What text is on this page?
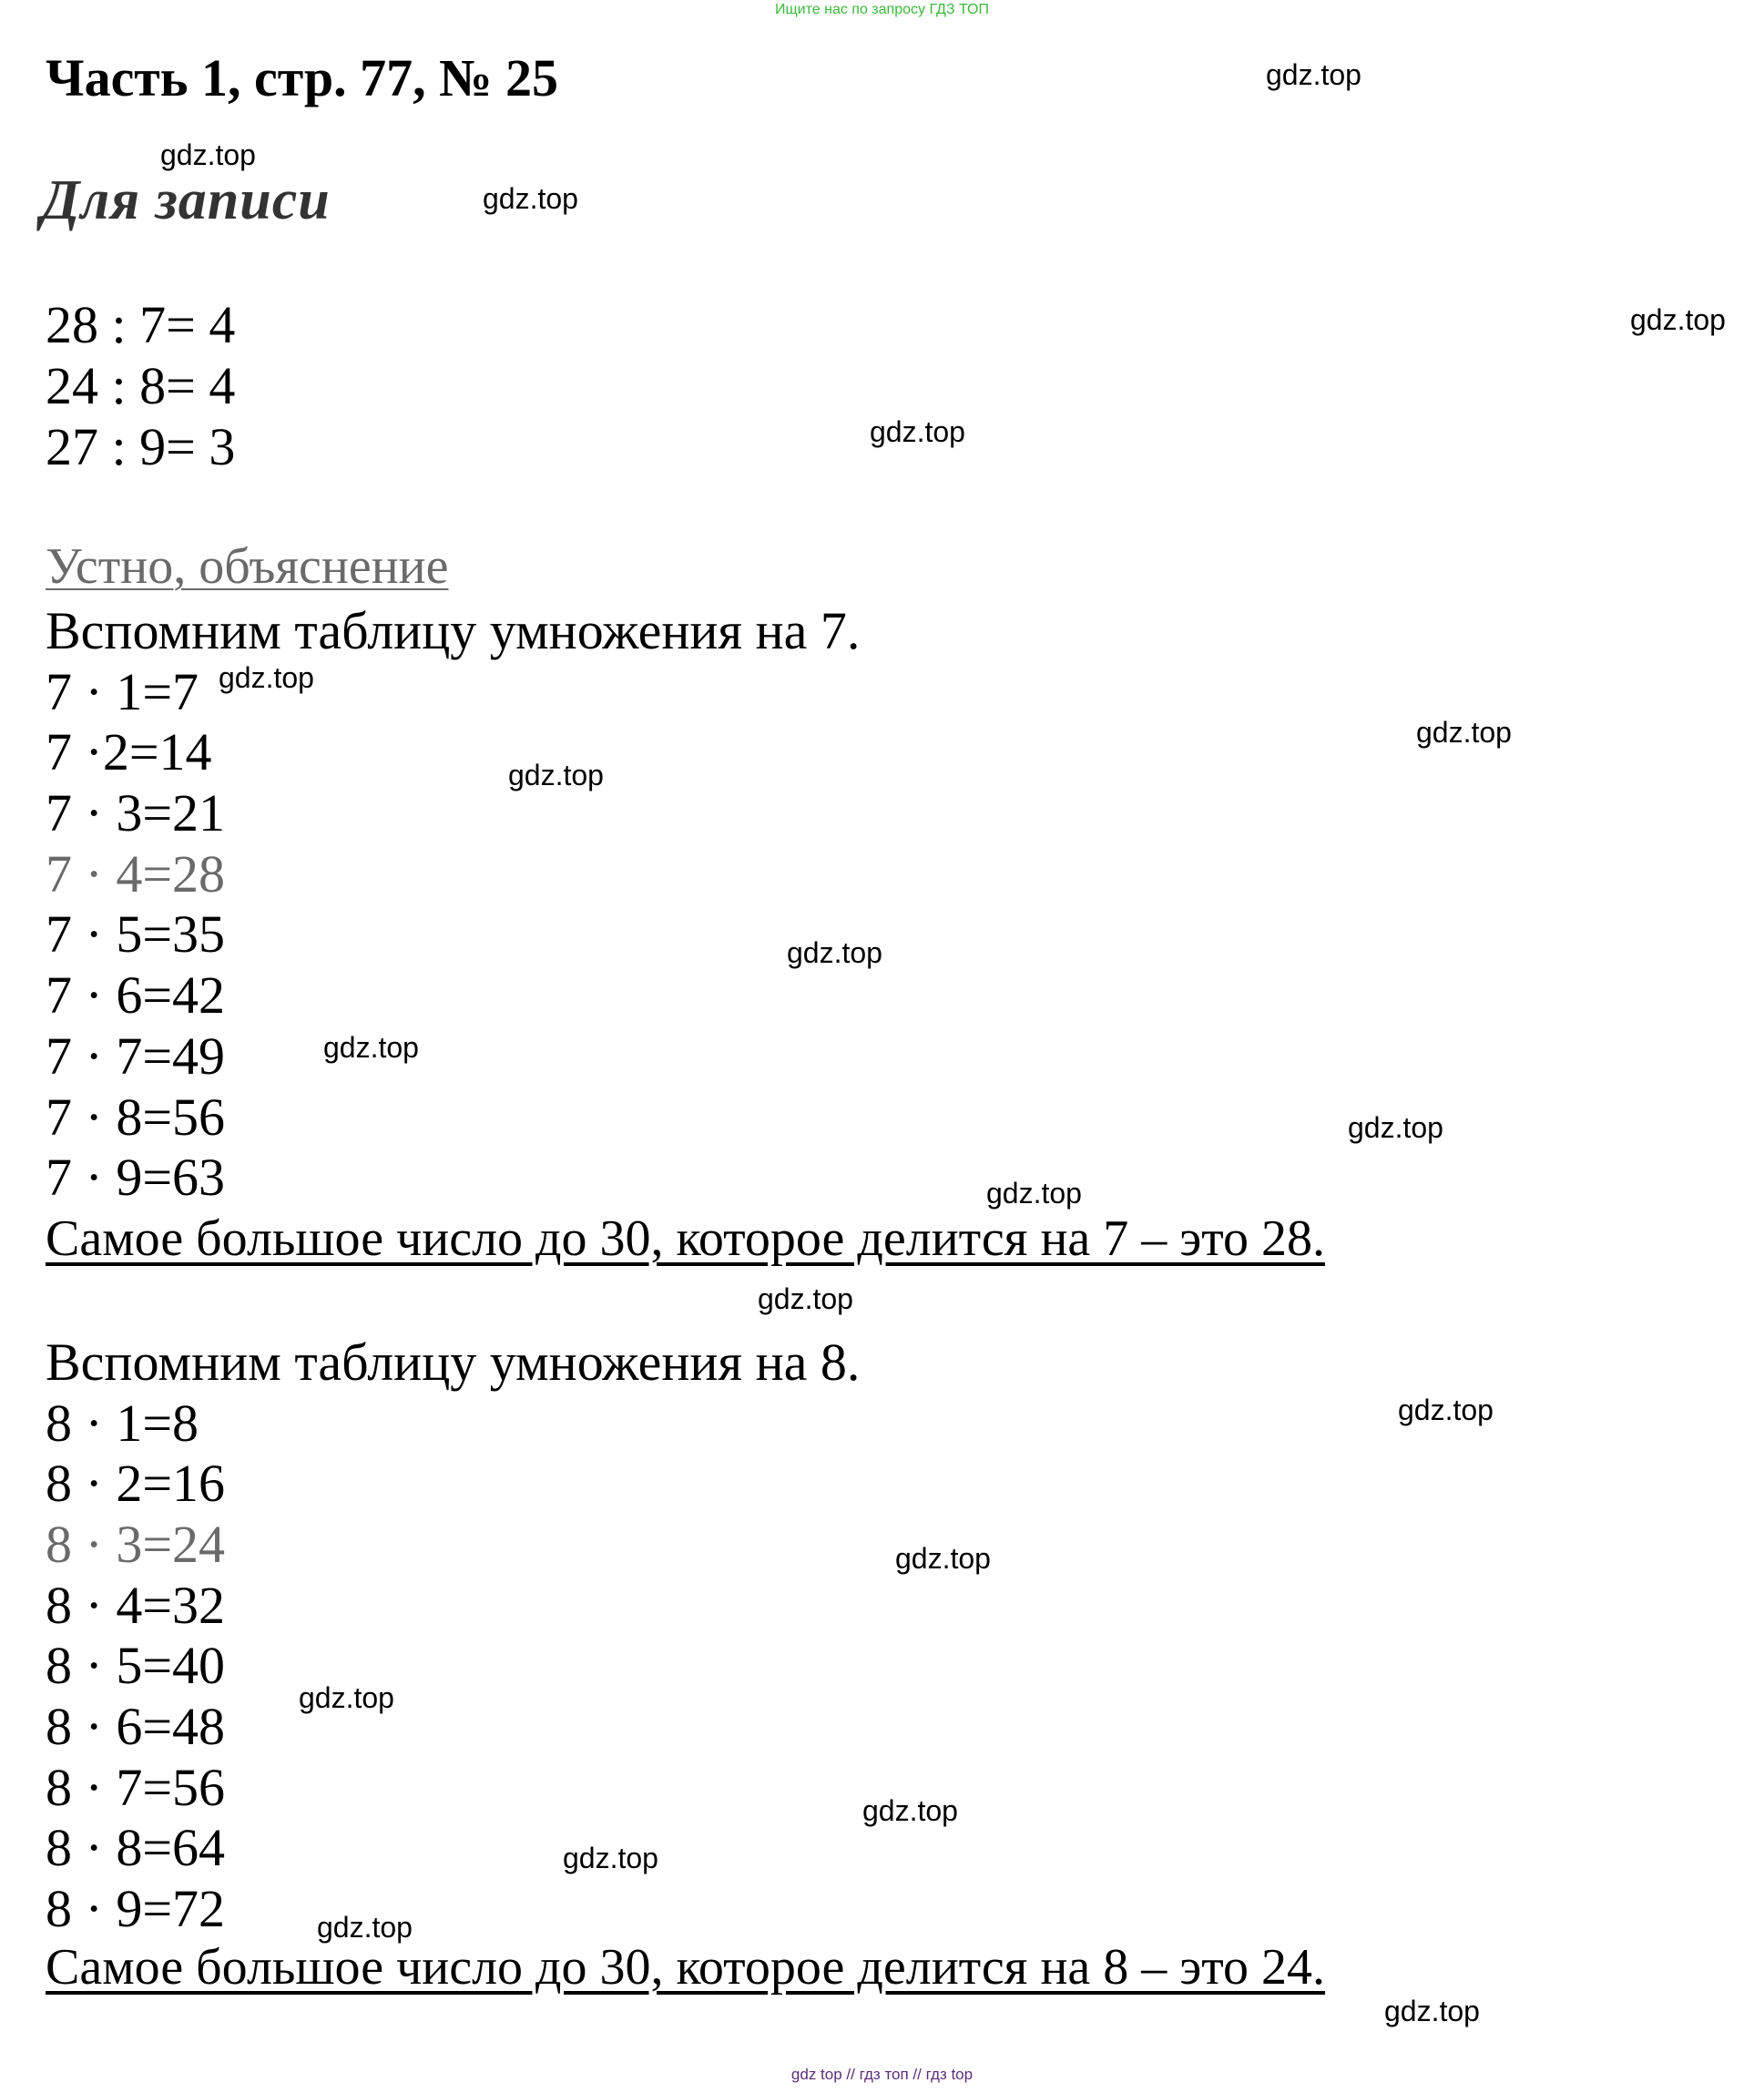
Ищите нас по запросу ГДЗ ТОП
Часть 1, стр. 77, № 25
Для записи
28 : 7= 4
24 : 8= 4
27 : 9= 3
Устно, объяснение
Вспомним таблицу умножения на 7.
7 · 1=7
7 ·2=14
7 · 3=21
7 · 4=28
7 · 5=35
7 · 6=42
7 · 7=49
7 · 8=56
7 · 9=63
Самое большое число до 30, которое делится на 7 – это 28.
Вспомним таблицу умножения на 8.
8 · 1=8
8 · 2=16
8 · 3=24
8 · 4=32
8 · 5=40
8 · 6=48
8 · 7=56
8 · 8=64
8 · 9=72
Самое большое число до 30, которое делится на 8 – это 24.
gdz.top
gdz.top
gdz.top
gdz.top
gdz.top
gdz.top
gdz.top
gdz.top
gdz.top
gdz.top
gdz.top
gdz.top
gdz.top
gdz.top
gdz.top
gdz.top
gdz.top
gdz.top
gdz.top
gdz.top
gdz top // гдз топ // гдз top
